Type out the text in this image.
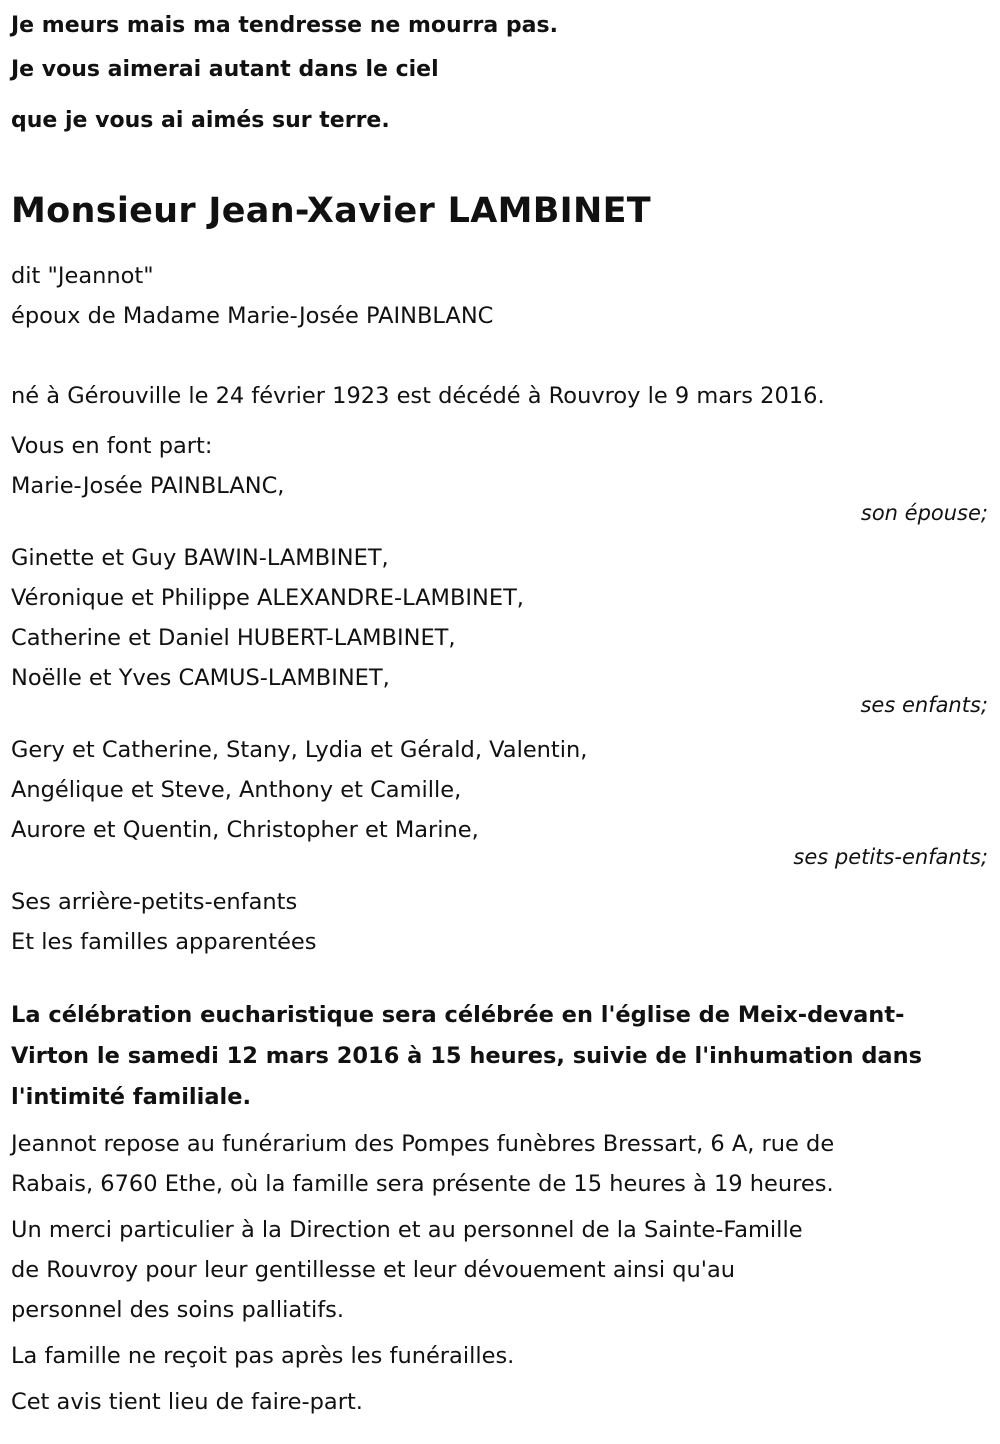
Je meurs mais ma tendresse ne mourra pas.
Je vous aimerai autant dans le ciel
que je vous ai aimés sur terre.
Monsieur Jean-Xavier LAMBINET
dit "Jeannot"
époux de Madame Marie-Josée PAINBLANC
né à Gérouville le 24 février 1923 est décédé à Rouvroy le 9 mars 2016.
Vous en font part:
Marie-Josée PAINBLANC,
son épouse;
Ginette et Guy BAWIN-LAMBINET,
Véronique et Philippe ALEXANDRE-LAMBINET,
Catherine et Daniel HUBERT-LAMBINET,
Noëlle et Yves CAMUS-LAMBINET,
ses enfants;
Gery et Catherine, Stany, Lydia et Gérald, Valentin,
Angélique et Steve, Anthony et Camille,
Aurore et Quentin, Christopher et Marine,
ses petits-enfants;
Ses arrière-petits-enfants
Et les familles apparentées
La célébration eucharistique sera célébrée en l'église de Meix-devant-
Virton le samedi 12 mars 2016 à 15 heures, suivie de l'inhumation dans
l'intimité familiale.
Jeannot repose au funérarium des Pompes funèbres Bressart, 6 A, rue de
Rabais, 6760 Ethe, où la famille sera présente de 15 heures à 19 heures.
Un merci particulier à la Direction et au personnel de la Sainte-Famille
de Rouvroy pour leur gentillesse et leur dévouement ainsi qu'au
personnel des soins palliatifs.
La famille ne reçoit pas après les funérailles.
Cet avis tient lieu de faire-part.
